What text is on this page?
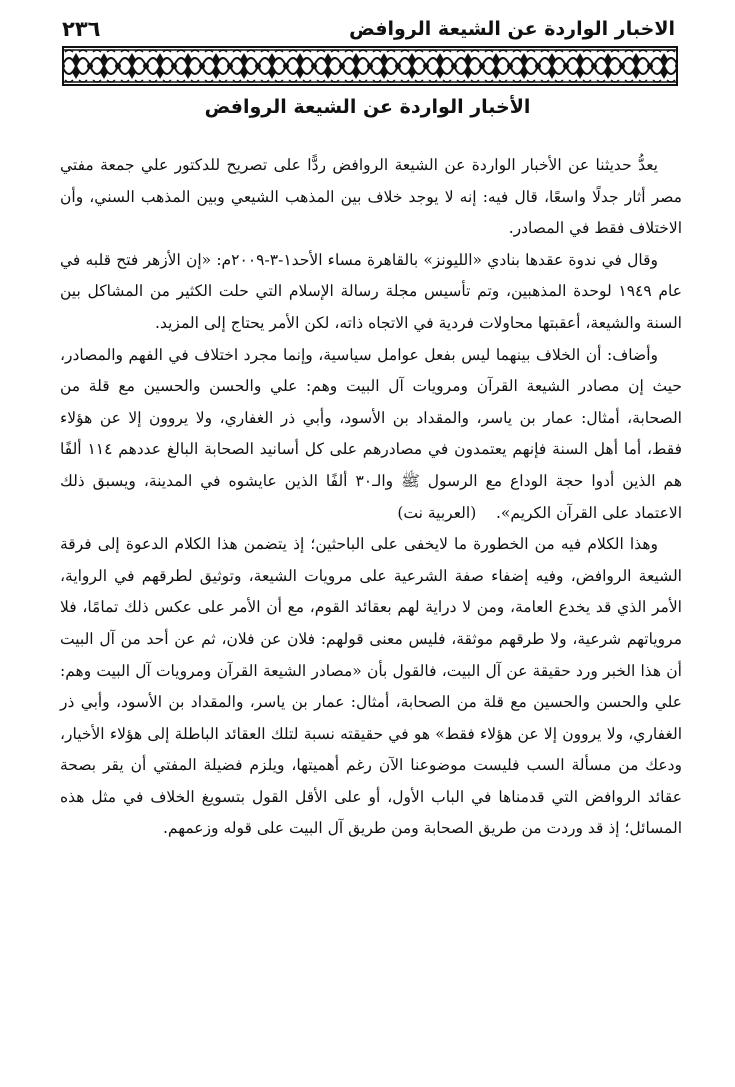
الاخبار الواردة عن الشيعة الروافض
٢٣٦
الأخبار الواردة عن الشيعة الروافض

يعدُّ حديثنا عن الأخبار الواردة عن الشيعة الروافض ردًّا على تصريح للدكتور علي جمعة مفتي مصر أثار جدلًا واسعًا، قال فيه: إنه لا يوجد خلاف بين المذهب الشيعي وبين المذهب السني، وأن الاختلاف فقط في المصادر.

وقال في ندوة عقدها بنادي «الليونز» بالقاهرة مساء الأحد١-٣-٢٠٠٩م: «إن الأزهر فتح قلبه في عام ١٩٤٩ لوحدة المذهبين، وتم تأسيس مجلة رسالة الإسلام التي حلت الكثير من المشاكل بين السنة والشيعة، أعقبتها محاولات فردية في الاتجاه ذاته، لكن الأمر يحتاج إلى المزيد.

وأضاف: أن الخلاف بينهما ليس بفعل عوامل سياسية، وإنما مجرد اختلاف في الفهم والمصادر، حيث إن مصادر الشيعة القرآن ومرويات آل البيت وهم: علي والحسن والحسين مع قلة من الصحابة، أمثال: عمار بن ياسر، والمقداد بن الأسود، وأبي ذر الغفاري، ولا يروون إلا عن هؤلاء فقط، أما أهل السنة فإنهم يعتمدون في مصادرهم على كل أسانيد الصحابة البالغ عددهم ١١٤ ألفًا هم الذين أدوا حجة الوداع مع الرسول ﷺ والـ٣٠ ألفًا الذين عايشوه في المدينة، ويسبق ذلك الاعتماد على القرآن الكريم».    (العربية نت)

وهذا الكلام فيه من الخطورة ما لايخفى على الباحثين؛ إذ يتضمن هذا الكلام الدعوة إلى فرقة الشيعة الروافض، وفيه إضفاء صفة الشرعية على مرويات الشيعة، وتوثيق لطرقهم في الرواية، الأمر الذي قد يخدع العامة، ومن لا دراية لهم بعقائد القوم، مع أن الأمر على عكس ذلك تمامًا، فلا مروياتهم شرعية، ولا طرقهم موثقة، فليس معنى قولهم: فلان عن فلان، ثم عن أحد من آل البيت أن هذا الخبر ورد حقيقة عن آل البيت، فالقول بأن «مصادر الشيعة القرآن ومرويات آل البيت وهم: علي والحسن والحسين مع قلة من الصحابة، أمثال: عمار بن ياسر، والمقداد بن الأسود، وأبي ذر الغفاري، ولا يروون إلا عن هؤلاء فقط» هو في حقيقته نسبة لتلك العقائد الباطلة إلى هؤلاء الأخيار، ودعك من مسألة السب فليست موضوعنا الآن رغم أهميتها، ويلزم فضيلة المفتي أن يقر بصحة عقائد الروافض التي قدمناها في الباب الأول، أو على الأقل القول بتسويغ الخلاف في مثل هذه المسائل؛ إذ قد وردت من طريق الصحابة ومن طريق آل البيت على قوله وزعمهم.
